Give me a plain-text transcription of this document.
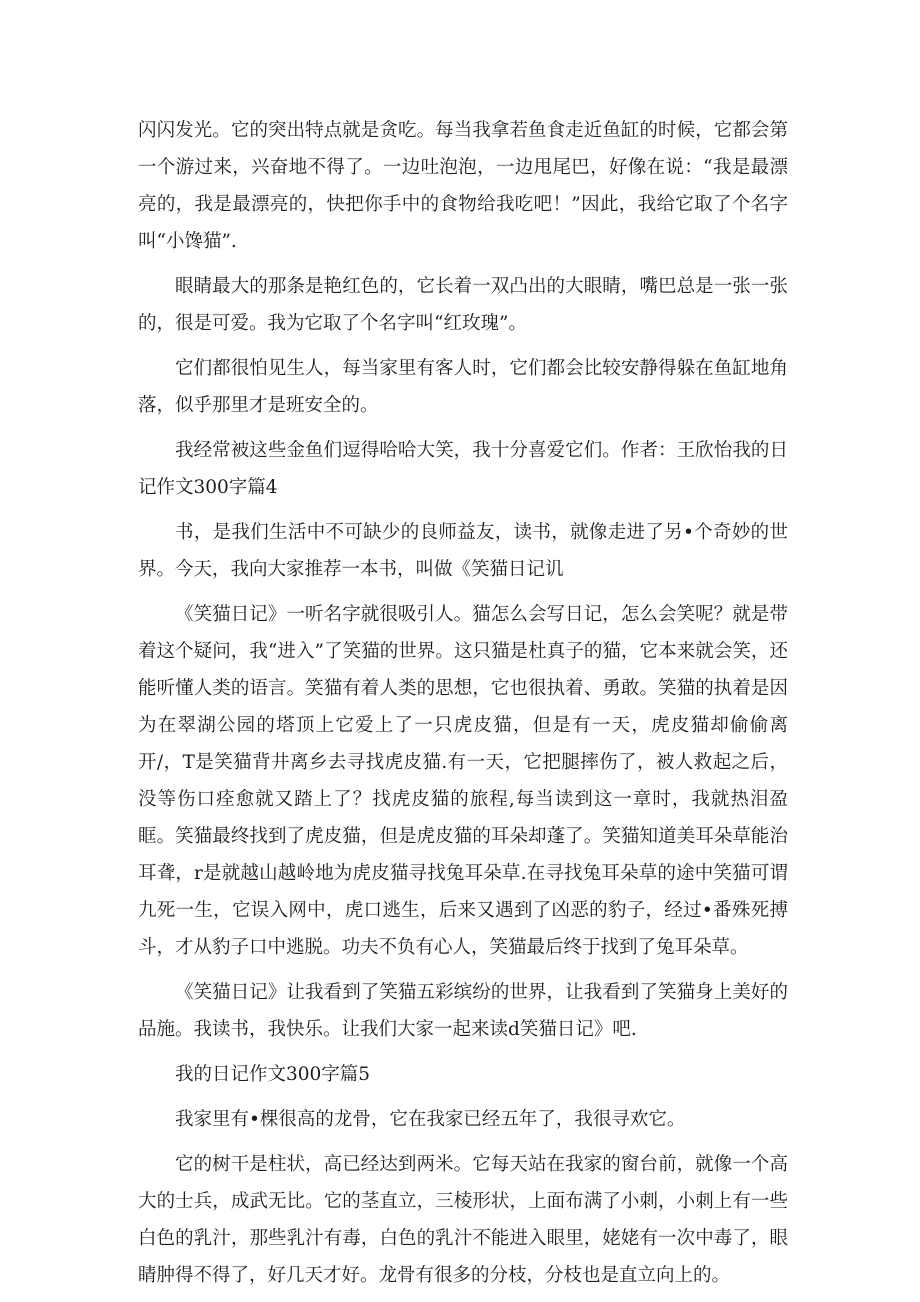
闪闪发光。它的突出特点就是贪吃。每当我拿若鱼食走近鱼缸的时候，它都会第一个游过来，兴奋地不得了。一边吐泡泡，一边甩尾巴，好像在说：“我是最漂亮的，我是最漂亮的，快把你手中的食物给我吃吧！”因此，我给它取了个名字叫“小馋猫”.

眼睛最大的那条是艳红色的，它长着一双凸出的大眼睛，嘴巴总是一张一张的，很是可爱。我为它取了个名字叫“红玫瑰”。

它们都很怕见生人，每当家里有客人时，它们都会比较安静得躲在鱼缸地角落，似乎那里才是班安全的。

我经常被这些金鱼们逗得哈哈大笑，我十分喜爱它们。作者：王欣怡我的日记作文300字篇4

书，是我们生活中不可缺少的良师益友，读书，就像走进了另•个奇妙的世界。今天，我向大家推荐一本书，叫做《笑猫日记讥

《笑猫日记》一听名字就很吸引人。猫怎么会写日记，怎么会笑呢？就是带着这个疑问，我“进入”了笑猫的世界。这只猫是杜真子的猫，它本来就会笑，还能听懂人类的语言。笑猫有着人类的思想，它也很执着、勇敢。笑猫的执着是因为在翠湖公园的塔顶上它爱上了一只虎皮猫，但是有一天，虎皮猫却偷偷离开/，T是笑猫背井离乡去寻找虎皮猫.有一天，它把腿摔伤了，被人救起之后，没等伤口痊愈就又踏上了？找虎皮猫的旅程,每当读到这一章时，我就热泪盈眶。笑猫最终找到了虎皮猫，但是虎皮猫的耳朵却蓬了。笑猫知道美耳朵草能治耳聋，r是就越山越岭地为虎皮猫寻找兔耳朵草.在寻找兔耳朵草的途中笑猫可谓九死一生，它误入网中，虎口逃生，后来又遇到了凶恶的豹子，经过•番殊死搏斗，才从豹子口中逃脱。功夫不负有心人，笑猫最后终于找到了兔耳朵草。

《笑猫日记》让我看到了笑猫五彩缤纷的世界，让我看到了笑猫身上美好的品施。我读书，我快乐。让我们大家一起来读d笑猫日记》吧.

我的日记作文300字篇5

我家里有•棵很高的龙骨，它在我家已经五年了，我很寻欢它。

它的树干是柱状，高已经达到两米。它每天站在我家的窗台前，就像一个高大的士兵，成武无比。它的茎直立，三棱形状，上面布满了小刺，小刺上有一些白色的乳汁，那些乳汁有毒，白色的乳汁不能进入眼里，姥姥有一次中毒了，眼睛肿得不得了，好几天才好。龙骨有很多的分枝，分枝也是直立向上的。
